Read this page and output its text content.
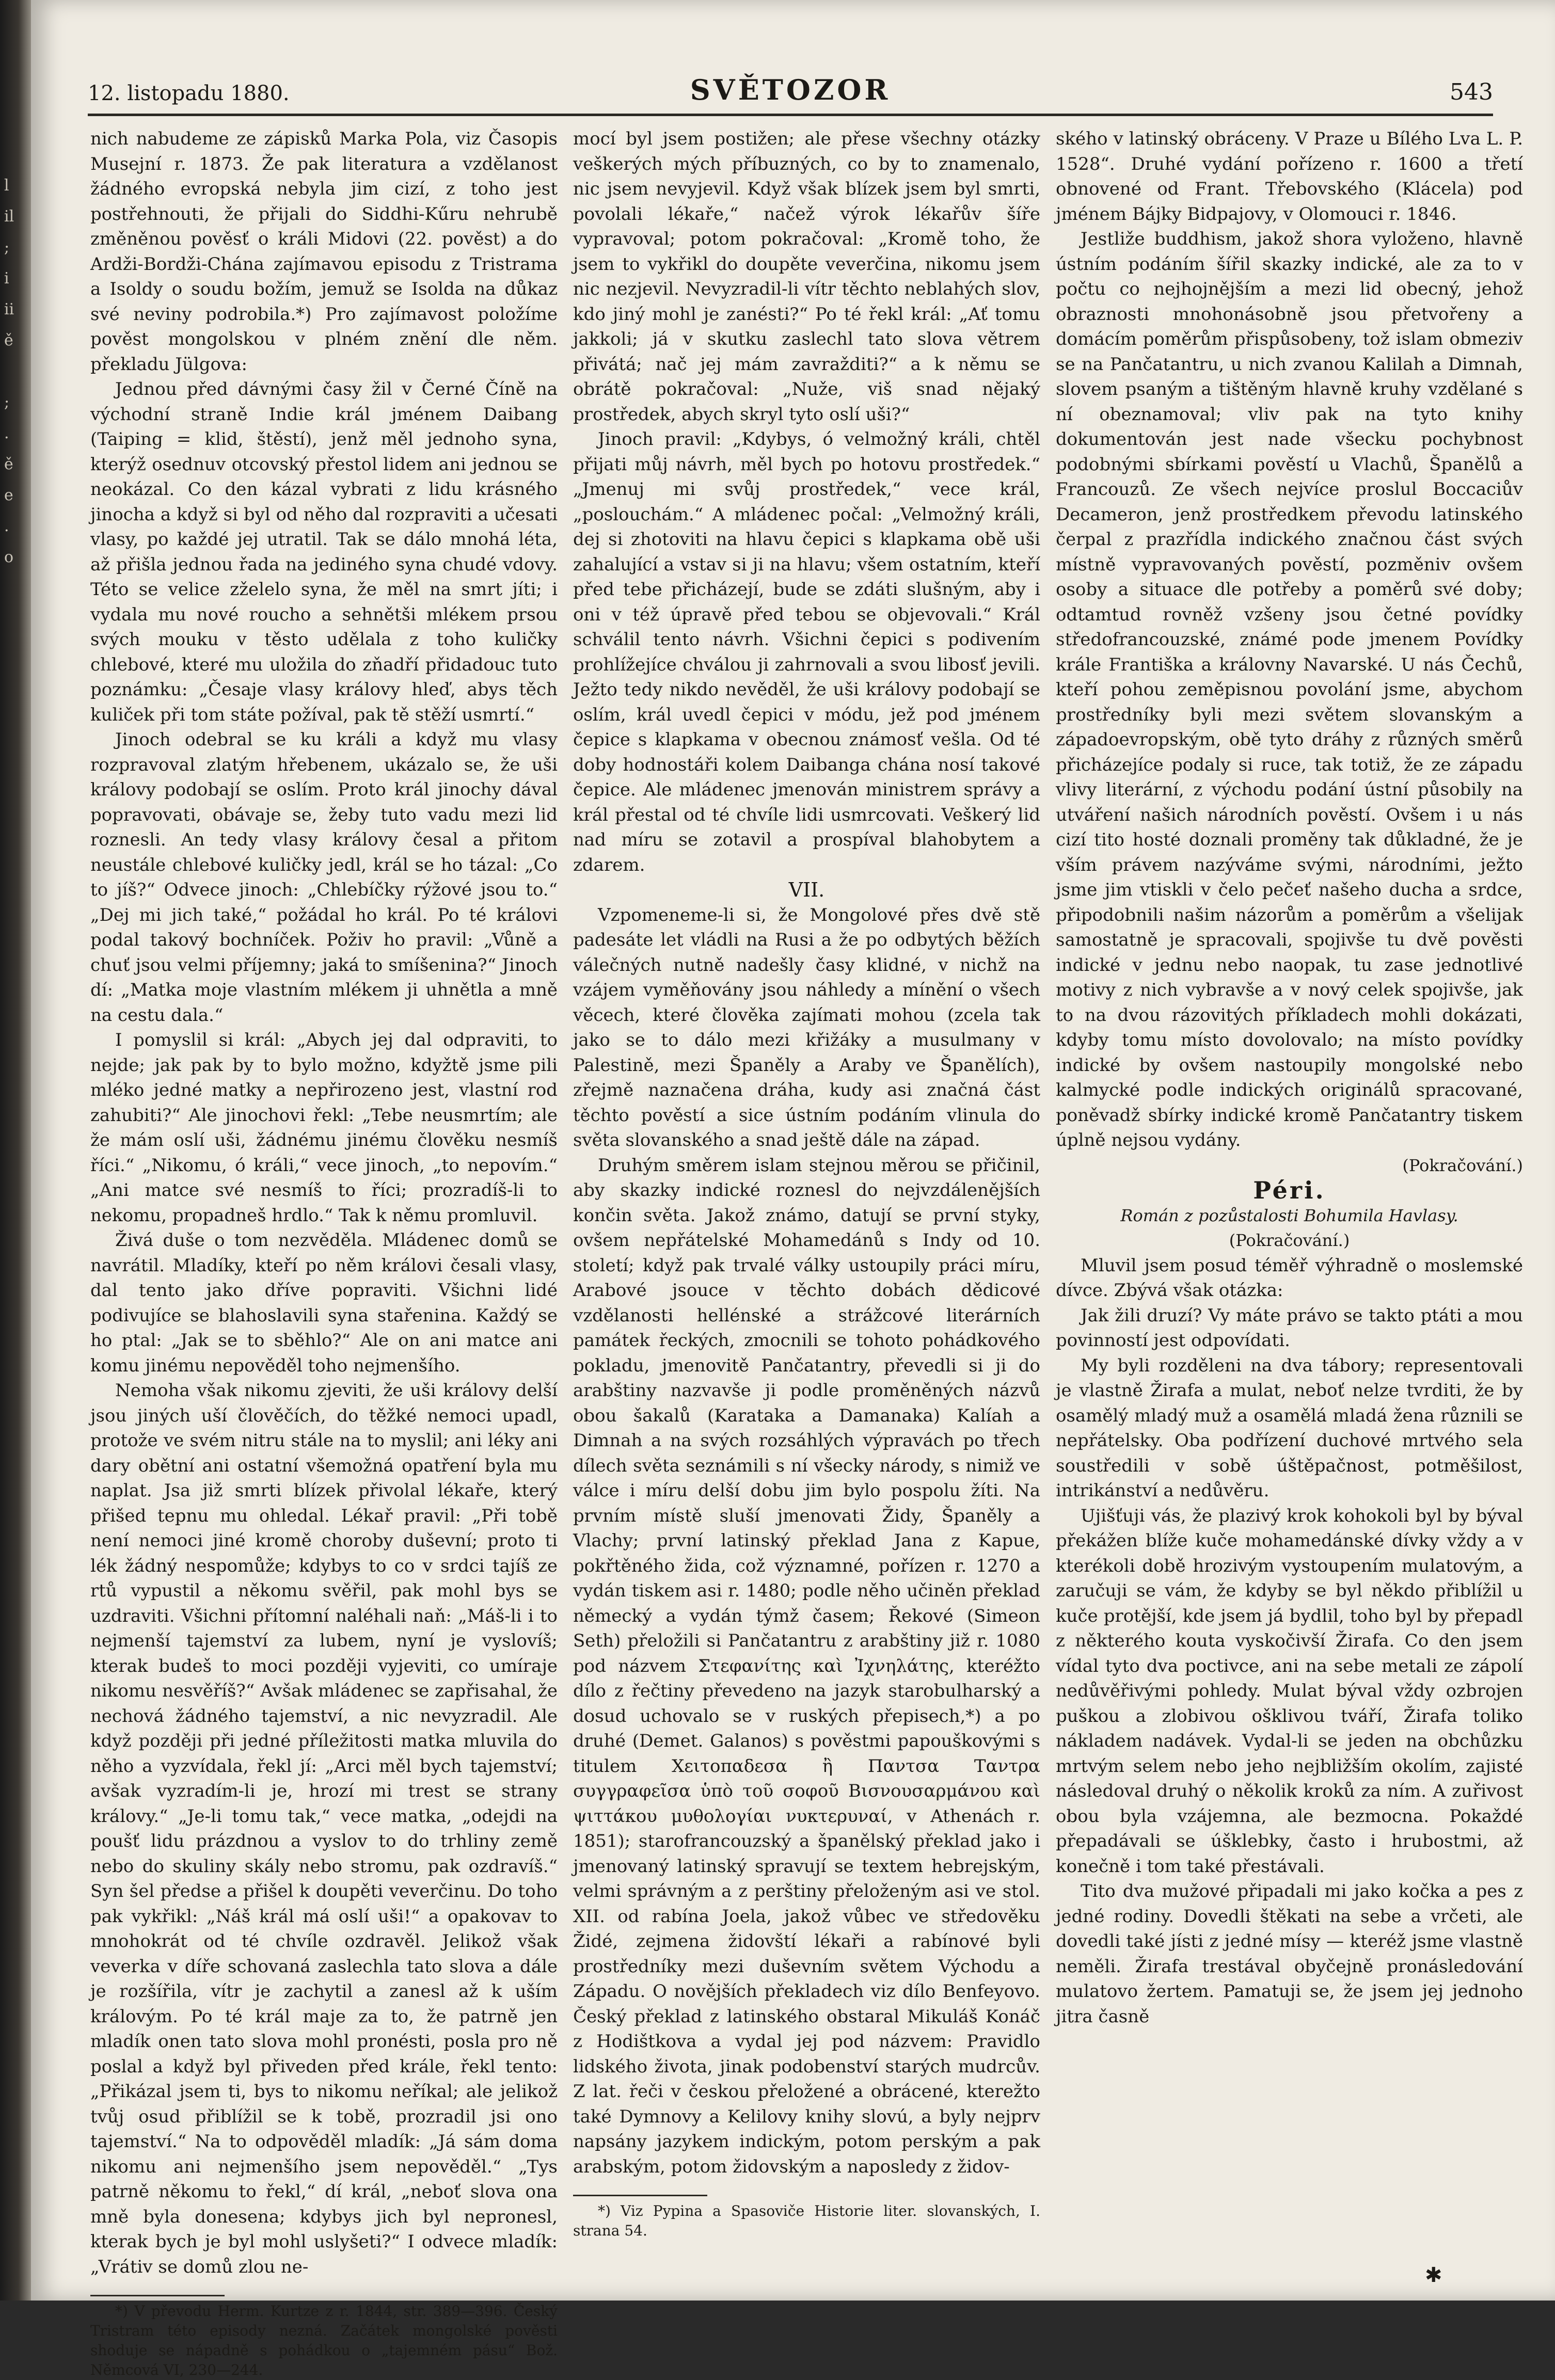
l
il
;
i
ii
ě

;
.
ě
e
.
o
12. listopadu 1880.	SVĚTOZOR	543

nich nabudeme ze zápisků Marka Pola, viz Časopis Musejní r. 1873. Že pak literatura a vzdělanost žádného evropská nebyla jim cizí, z toho jest postřehnouti, že přijali do Siddhi-Kűru nehrubě změněnou pověsť o králi Midovi (22. pověst) a do Ardži-Bordži-Chána zajímavou episodu z Tristrama a Isoldy o soudu božím, jemuž se Isolda na důkaz své neviny podrobila.*) Pro zajímavost položíme pověst mongolskou v plném znění dle něm. překladu Jülgova:

Jednou před dávnými časy žil v Černé Číně na východní straně Indie král jménem Daibang (Taiping = klid, štěstí), jenž měl jednoho syna, kterýž osednuv otcovský přestol lidem ani jednou se neokázal. Co den kázal vybrati z lidu krásného jinocha a když si byl od něho dal rozpraviti a učesati vlasy, po každé jej utratil. Tak se dálo mnohá léta, až přišla jednou řada na jediného syna chudé vdovy. Této se velice zželelo syna, že měl na smrt jíti; i vydala mu nové roucho a sehnětši mlékem prsou svých mouku v těsto udělala z toho kuličky chlebové, které mu uložila do zňadří přidadouc tuto poznámku: „Česaje vlasy královy hleď, abys těch kuliček při tom státe požíval, pak tě stěží usmrtí.“

Jinoch odebral se ku králi a když mu vlasy rozpravoval zlatým hřebenem, ukázalo se, že uši královy podobají se oslím. Proto král jinochy dával popravovati, obávaje se, žeby tuto vadu mezi lid roznesli. An tedy vlasy královy česal a přitom neustále chlebové kuličky jedl, král se ho tázal: „Co to jíš?“ Odvece jinoch: „Chlebíčky rýžové jsou to.“ „Dej mi jich také,“ požádal ho král. Po té královi podal takový bochníček. Poživ ho pravil: „Vůně a chuť jsou velmi příjemny; jaká to smíšenina?“ Jinoch dí: „Matka moje vlastním mlékem ji uhnětla a mně na cestu dala.“

I pomyslil si král: „Abych jej dal odpraviti, to nejde; jak pak by to bylo možno, kdyžtě jsme pili mléko jedné matky a nepřirozeno jest, vlastní rod zahubiti?“ Ale jinochovi řekl: „Tebe neusmrtím; ale že mám oslí uši, žádnému jinému člověku nesmíš říci.“ „Nikomu, ó králi,“ vece jinoch, „to nepovím.“ „Ani matce své nesmíš to říci; prozradíš-li to nekomu, propadneš hrdlo.“ Tak k němu promluvil.

Živá duše o tom nezvěděla. Mládenec domů se navrátil. Mladíky, kteří po něm královi česali vlasy, dal tento jako dříve popraviti. Všichni lidé podivujíce se blahoslavili syna stařenina. Každý se ho ptal: „Jak se to sběhlo?“ Ale on ani matce ani komu jinému nepověděl toho nejmenšího.

Nemoha však nikomu zjeviti, že uši královy delší jsou jiných uší člověčích, do těžké nemoci upadl, protože ve svém nitru stále na to myslil; ani léky ani dary obětní ani ostatní všemožná opatření byla mu naplat. Jsa již smrti blízek přivolal lékaře, který přišed tepnu mu ohledal. Lékař pravil: „Při tobě není nemoci jiné kromě choroby duševní; proto ti lék žádný nespomůže; kdybys to co v srdci tajíš ze rtů vypustil a někomu svěřil, pak mohl bys se uzdraviti. Všichni přítomní naléhali naň: „Máš-li i to nejmenší tajemství za lubem, nyní je vyslovíš; kterak budeš to moci později vyjeviti, co umíraje nikomu nesvěříš?“ Avšak mládenec se zapřisahal, že nechová žádného tajemství, a nic nevyzradil. Ale když později při jedné příležitosti matka mluvila do něho a vyzvídala, řekl jí: „Arci měl bych tajemství; avšak vyzradím-li je, hrozí mi trest se strany královy.“ „Je-li tomu tak,“ vece matka, „odejdi na poušť lidu prázdnou a vyslov to do trhliny země nebo do skuliny skály nebo stromu, pak ozdravíš.“ Syn šel předse a přišel k doupěti veverčinu. Do toho pak vykřikl: „Náš král má oslí uši!“ a opakovav to mnohokrát od té chvíle ozdravěl. Jelikož však veverka v díře schovaná zaslechla tato slova a dále je rozšířila, vítr je zachytil a zanesl až k uším královým. Po té král maje za to, že patrně jen mladík onen tato slova mohl pronésti, posla pro ně poslal a když byl přiveden před krále, řekl tento: „Přikázal jsem ti, bys to nikomu neříkal; ale jelikož tvůj osud přiblížil se k tobě, prozradil jsi ono tajemství.“ Na to odpověděl mladík: „Já sám doma nikomu ani nejmenšího jsem nepověděl.“ „Tys patrně někomu to řekl,“ dí král, „neboť slova ona mně byla donesena; kdybys jich byl nepronesl, kterak bych je byl mohl uslyšeti?“ I odvece mladík: „Vrátiv se domů zlou ne-

*) V převodu Herm. Kurtze z r. 1844, str. 389—396. Český Tristram této episody nezná. Začátek mongolské pověsti shoduje se nápadně s pohádkou o „tajemném pásu“ Bož. Němcová VI, 230—244.

mocí byl jsem postižen; ale přese všechny otázky veškerých mých příbuzných, co by to znamenalo, nic jsem nevyjevil. Když však blízek jsem byl smrti, povolali lékaře,“ načež výrok lékařův šíře vypravoval; potom pokračoval: „Kromě toho, že jsem to vykřikl do doupěte veverčina, nikomu jsem nic nezjevil. Nevyzradil-li vítr těchto neblahých slov, kdo jiný mohl je zanésti?“ Po té řekl král: „Ať tomu jakkoli; já v skutku zaslechl tato slova větrem přivátá; nač jej mám zavražditi?“ a k němu se obrátě pokračoval: „Nuže, viš snad nějaký prostředek, abych skryl tyto oslí uši?“

Jinoch pravil: „Kdybys, ó velmožný králi, chtěl přijati můj návrh, měl bych po hotovu prostředek.“ „Jmenuj mi svůj prostředek,“ vece král, „poslouchám.“ A mládenec počal: „Velmožný králi, dej si zhotoviti na hlavu čepici s klapkama obě uši zahalující a vstav si ji na hlavu; všem ostatním, kteří před tebe přicházejí, bude se zdáti slušným, aby i oni v též úpravě před tebou se objevovali.“ Král schválil tento návrh. Všichni čepici s podivením prohlížejíce chválou ji zahrnovali a svou libosť jevili. Ježto tedy nikdo nevěděl, že uši královy podobají se oslím, král uvedl čepici v módu, jež pod jménem čepice s klapkama v obecnou známosť vešla. Od té doby hodnostáři kolem Daibanga chána nosí takové čepice. Ale mládenec jmenován ministrem správy a král přestal od té chvíle lidi usmrcovati. Veškerý lid nad míru se zotavil a prospíval blahobytem a zdarem.

VII.

Vzpomeneme-li si, že Mongolové přes dvě stě padesáte let vládli na Rusi a že po odbytých běžích válečných nutně nadešly časy klidné, v nichž na vzájem vyměňovány jsou náhledy a mínění o všech věcech, které člověka zajímati mohou (zcela tak jako se to dálo mezi křižáky a musulmany v Palestině, mezi Španěly a Araby ve Španělích), zřejmě naznačena dráha, kudy asi značná část těchto pověstí a sice ústním podáním vlinula do světa slovanského a snad ještě dále na západ.

Druhým směrem islam stejnou měrou se přičinil, aby skazky indické roznesl do nejvzdálenějších končin světa. Jakož známo, datují se první styky, ovšem nepřátelské Mohamedánů s Indy od 10. století; když pak trvalé války ustoupily práci míru, Arabové jsouce v těchto dobách dědicové vzdělanosti hellénské a strážcové literárních památek řeckých, zmocnili se tohoto pohádkového pokladu, jmenovitě Pančatantry, převedli si ji do arabštiny nazvavše ji podle proměněných názvů obou šakalů (Karataka a Damanaka) Kalíah a Dimnah a na svých rozsáhlých výpravách po třech dílech světa seznámili s ní všecky národy, s nimiž ve válce i míru delší dobu jim bylo pospolu žíti. Na prvním místě sluší jmenovati Židy, Španěly a Vlachy; první latinský překlad Jana z Kapue, pokřtěného žida, což významné, pořízen r. 1270 a vydán tiskem asi r. 1480; podle něho učiněn překlad německý a vydán týmž časem; Řekové (Simeon Seth) přeložili si Pančatantru z arabštiny již r. 1080 pod názvem Στεφανίτης καὶ Ἰχνηλάτης, kteréžto dílo z řečtiny převedeno na jazyk starobulharský a dosud uchovalo se v ruských přepisech,*) a po druhé (Demet. Galanos) s pověstmi papouškovými s titulem Χειτοπαδεσα ἢ Παντσα Ταντρα συγγραφεῖσα ὑπὸ τοῦ σοφοῦ Βισνουσαρμάνου καὶ ψιττάκου μυθολογίαι νυκτερυναί, v Athenách r. 1851); starofrancouzský a španělský překlad jako i jmenovaný latinský spravují se textem hebrejským, velmi správným a z perštiny přeloženým asi ve stol. XII. od rabína Joela, jakož vůbec ve středověku Židé, zejmena židovští lékaři a rabínové byli prostředníky mezi duševním světem Východu a Západu. O novějších překladech viz dílo Benfeyovo. Český překlad z latinského obstaral Mikuláš Konáč z Hodištkova a vydal jej pod názvem: Pravidlo lidského života, jinak podobenství starých mudrcův. Z lat. řeči v českou přeložené a obrácené, kterežto také Dymnovy a Kelilovy knihy slovú, a byly nejprv napsány jazykem indickým, potom perským a pak arabským, potom židovským a naposledy z židov-

*) Viz Pypina a Spasoviče Historie liter. slovanských, I. strana 54.

ského v latinský obráceny. V Praze u Bílého Lva L. P. 1528“. Druhé vydání pořízeno r. 1600 a třetí obnovené od Frant. Třebovského (Klácela) pod jménem Bájky Bidpajovy, v Olomouci r. 1846.

Jestliže buddhism, jakož shora vyloženo, hlavně ústním podáním šířil skazky indické, ale za to v počtu co nejhojnějším a mezi lid obecný, jehož obraznosti mnohonásobně jsou přetvořeny a domácím poměrům přispůsobeny, tož islam obmeziv se na Pančatantru, u nich zvanou Kalilah a Dimnah, slovem psaným a tištěným hlavně kruhy vzdělané s ní obeznamoval; vliv pak na tyto knihy dokumentován jest nade všecku pochybnost podobnými sbírkami pověstí u Vlachů, Španělů a Francouzů. Ze všech nejvíce proslul Boccaciův Decameron, jenž prostředkem převodu latinského čerpal z prazřídla indického značnou část svých místně vypravovaných pověstí, pozměniv ovšem osoby a situace dle potřeby a poměrů své doby; odtamtud rovněž vzšeny jsou četné povídky středofrancouzské, známé pode jmenem Povídky krále Františka a královny Navarské. U nás Čechů, kteří pohou zeměpisnou povolání jsme, abychom prostředníky byli mezi světem slovanským a západoevropským, obě tyto dráhy z různých směrů přicházejíce podaly si ruce, tak totiž, že ze západu vlivy literární, z východu podání ústní působily na utváření našich národních pověstí. Ovšem i u nás cizí tito hosté doznali proměny tak důkladné, že je vším právem nazýváme svými, národními, ježto jsme jim vtiskli v čelo pečeť našeho ducha a srdce, připodobnili našim názorům a poměrům a všelijak samostatně je spracovali, spojivše tu dvě pověsti indické v jednu nebo naopak, tu zase jednotlivé motivy z nich vybravše a v nový celek spojivše, jak to na dvou rázovitých příkladech mohli dokázati, kdyby tomu místo dovolovalo; na místo povídky indické by ovšem nastoupily mongolské nebo kalmycké podle indických originálů spracované, poněvadž sbírky indické kromě Pančatantry tiskem úplně nejsou vydány.

(Pokračování.)

Péri.

Román z pozůstalosti Bohumila Havlasy.

(Pokračování.)

Mluvil jsem posud téměř výhradně o moslemské dívce. Zbývá však otázka:

Jak žili druzí? Vy máte právo se takto ptáti a mou povinností jest odpovídati.

My byli rozděleni na dva tábory; representovali je vlastně Žirafa a mulat, neboť nelze tvrditi, že by osamělý mladý muž a osamělá mladá žena různili se nepřátelsky. Oba podřízení duchové mrtvého sela soustředili v sobě úštěpačnost, potměšilost, intrikánství a nedůvěru.

Ujišťuji vás, že plazivý krok kohokoli byl by býval překážen blíže kuče mohamedánské dívky vždy a v kterékoli době hrozivým vystoupením mulatovým, a zaručuji se vám, že kdyby se byl někdo přiblížil u kuče protější, kde jsem já bydlil, toho byl by přepadl z některého kouta vyskočivší Žirafa. Co den jsem vídal tyto dva poctivce, ani na sebe metali ze zápolí nedůvěřivými pohledy. Mulat býval vždy ozbrojen puškou a zlobivou ošklivou tváří, Žirafa toliko nákladem nadávek. Vydal-li se jeden na obchůzku mrtvým selem nebo jeho nejbližším okolím, zajisté následoval druhý o několik kroků za ním. A zuřivost obou byla vzájemna, ale bezmocna. Pokaždé přepadávali se úšklebky, často i hrubostmi, až konečně i tom také přestávali.

Tito dva mužové připadali mi jako kočka a pes z jedné rodiny. Dovedli štěkati na sebe a vrčeti, ale dovedli také jísti z jedné mísy — kteréž jsme vlastně neměli. Žirafa trestával obyčejně pronásledování mulatovo žertem. Pamatuji se, že jsem jej jednoho jitra časně

✱
